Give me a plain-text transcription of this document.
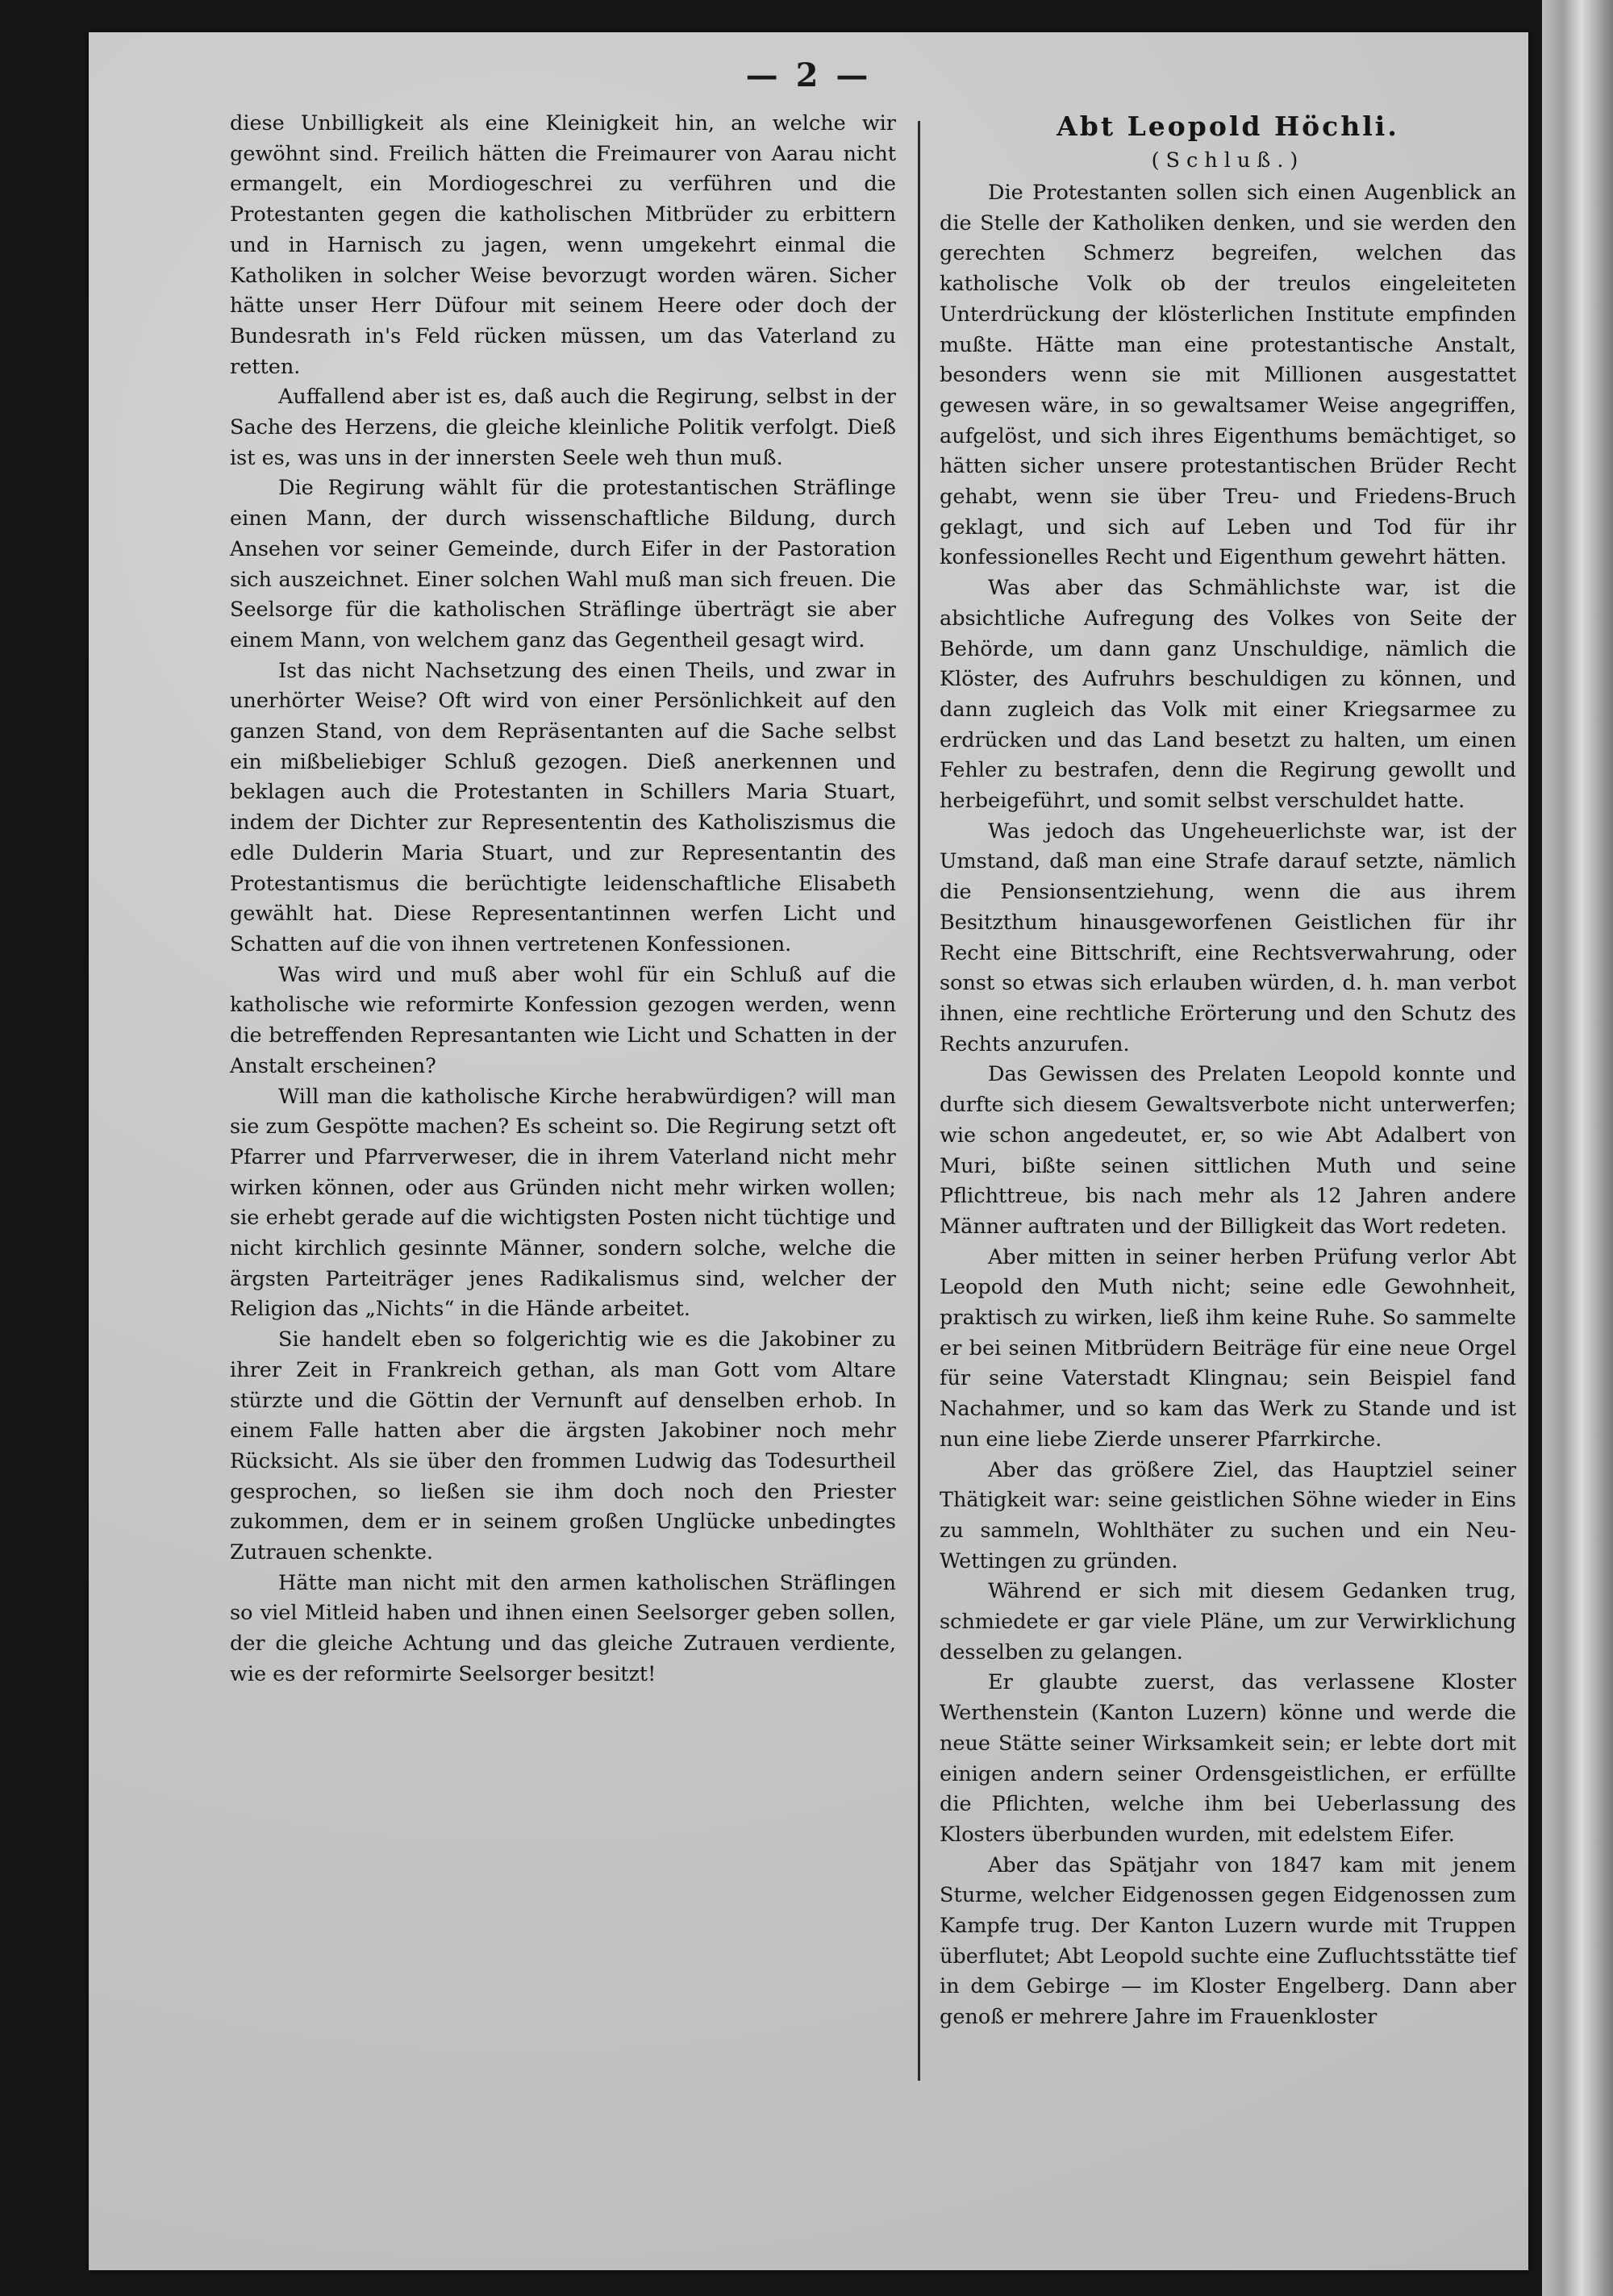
— 2 —

diese Unbilligkeit als eine Kleinigkeit hin, an welche wir gewöhnt sind. Freilich hätten die Freimaurer von Aarau nicht ermangelt, ein Mordiogeschrei zu verführen und die Protestanten gegen die katholischen Mitbrüder zu erbittern und in Harnisch zu jagen, wenn umgekehrt einmal die Katholiken in solcher Weise bevorzugt worden wären. Sicher hätte unser Herr Düfour mit seinem Heere oder doch der Bundesrath in's Feld rücken müssen, um das Vaterland zu retten.

Auffallend aber ist es, daß auch die Regirung, selbst in der Sache des Herzens, die gleiche kleinliche Politik verfolgt. Dieß ist es, was uns in der innersten Seele weh thun muß.

Die Regirung wählt für die protestantischen Sträflinge einen Mann, der durch wissenschaftliche Bildung, durch Ansehen vor seiner Gemeinde, durch Eifer in der Pastoration sich auszeichnet. Einer solchen Wahl muß man sich freuen. Die Seelsorge für die katholischen Sträflinge überträgt sie aber einem Mann, von welchem ganz das Gegentheil gesagt wird.

Ist das nicht Nachsetzung des einen Theils, und zwar in unerhörter Weise? Oft wird von einer Persönlichkeit auf den ganzen Stand, von dem Repräsentanten auf die Sache selbst ein mißbeliebiger Schluß gezogen. Dieß anerkennen und beklagen auch die Protestanten in Schillers Maria Stuart, indem der Dichter zur Represententin des Katholiszismus die edle Dulderin Maria Stuart, und zur Representantin des Protestantismus die berüchtigte leidenschaftliche Elisabeth gewählt hat. Diese Representantinnen werfen Licht und Schatten auf die von ihnen vertretenen Konfessionen.

Was wird und muß aber wohl für ein Schluß auf die katholische wie reformirte Konfession gezogen werden, wenn die betreffenden Represantanten wie Licht und Schatten in der Anstalt erscheinen?

Will man die katholische Kirche herabwürdigen? will man sie zum Gespötte machen? Es scheint so. Die Regirung setzt oft Pfarrer und Pfarrverweser, die in ihrem Vaterland nicht mehr wirken können, oder aus Gründen nicht mehr wirken wollen; sie erhebt gerade auf die wichtigsten Posten nicht tüchtige und nicht kirchlich gesinnte Männer, sondern solche, welche die ärgsten Parteiträger jenes Radikalismus sind, welcher der Religion das „Nichts“ in die Hände arbeitet.

Sie handelt eben so folgerichtig wie es die Jakobiner zu ihrer Zeit in Frankreich gethan, als man Gott vom Altare stürzte und die Göttin der Vernunft auf denselben erhob. In einem Falle hatten aber die ärgsten Jakobiner noch mehr Rücksicht. Als sie über den frommen Ludwig das Todesurtheil gesprochen, so ließen sie ihm doch noch den Priester zukommen, dem er in seinem großen Unglücke unbedingtes Zutrauen schenkte.

Hätte man nicht mit den armen katholischen Sträflingen so viel Mitleid haben und ihnen einen Seelsorger geben sollen, der die gleiche Achtung und das gleiche Zutrauen verdiente, wie es der reformirte Seelsorger besitzt!

Abt Leopold Höchli.
(Schluß.)

Die Protestanten sollen sich einen Augenblick an die Stelle der Katholiken denken, und sie werden den gerechten Schmerz begreifen, welchen das katholische Volk ob der treulos eingeleiteten Unterdrückung der klösterlichen Institute empfinden mußte. Hätte man eine protestantische Anstalt, besonders wenn sie mit Millionen ausgestattet gewesen wäre, in so gewaltsamer Weise angegriffen, aufgelöst, und sich ihres Eigenthums bemächtiget, so hätten sicher unsere protestantischen Brüder Recht gehabt, wenn sie über Treu- und Friedens-Bruch geklagt, und sich auf Leben und Tod für ihr konfessionelles Recht und Eigenthum gewehrt hätten.

Was aber das Schmählichste war, ist die absichtliche Aufregung des Volkes von Seite der Behörde, um dann ganz Unschuldige, nämlich die Klöster, des Aufruhrs beschuldigen zu können, und dann zugleich das Volk mit einer Kriegsarmee zu erdrücken und das Land besetzt zu halten, um einen Fehler zu bestrafen, denn die Regirung gewollt und herbeigeführt, und somit selbst verschuldet hatte.

Was jedoch das Ungeheuerlichste war, ist der Umstand, daß man eine Strafe darauf setzte, nämlich die Pensionsentziehung, wenn die aus ihrem Besitzthum hinausgeworfenen Geistlichen für ihr Recht eine Bittschrift, eine Rechtsverwahrung, oder sonst so etwas sich erlauben würden, d. h. man verbot ihnen, eine rechtliche Erörterung und den Schutz des Rechts anzurufen.

Das Gewissen des Prelaten Leopold konnte und durfte sich diesem Gewaltsverbote nicht unterwerfen; wie schon angedeutet, er, so wie Abt Adalbert von Muri, bißte seinen sittlichen Muth und seine Pflichttreue, bis nach mehr als 12 Jahren andere Männer auftraten und der Billigkeit das Wort redeten.

Aber mitten in seiner herben Prüfung verlor Abt Leopold den Muth nicht; seine edle Gewohnheit, praktisch zu wirken, ließ ihm keine Ruhe. So sammelte er bei seinen Mitbrüdern Beiträge für eine neue Orgel für seine Vaterstadt Klingnau; sein Beispiel fand Nachahmer, und so kam das Werk zu Stande und ist nun eine liebe Zierde unserer Pfarrkirche.

Aber das größere Ziel, das Hauptziel seiner Thätigkeit war: seine geistlichen Söhne wieder in Eins zu sammeln, Wohlthäter zu suchen und ein Neu-Wettingen zu gründen.

Während er sich mit diesem Gedanken trug, schmiedete er gar viele Pläne, um zur Verwirklichung desselben zu gelangen.

Er glaubte zuerst, das verlassene Kloster Werthenstein (Kanton Luzern) könne und werde die neue Stätte seiner Wirksamkeit sein; er lebte dort mit einigen andern seiner Ordensgeistlichen, er erfüllte die Pflichten, welche ihm bei Ueberlassung des Klosters überbunden wurden, mit edelstem Eifer.

Aber das Spätjahr von 1847 kam mit jenem Sturme, welcher Eidgenossen gegen Eidgenossen zum Kampfe trug. Der Kanton Luzern wurde mit Truppen überflutet; Abt Leopold suchte eine Zufluchtsstätte tief in dem Gebirge — im Kloster Engelberg. Dann aber genoß er mehrere Jahre im Frauenkloster
